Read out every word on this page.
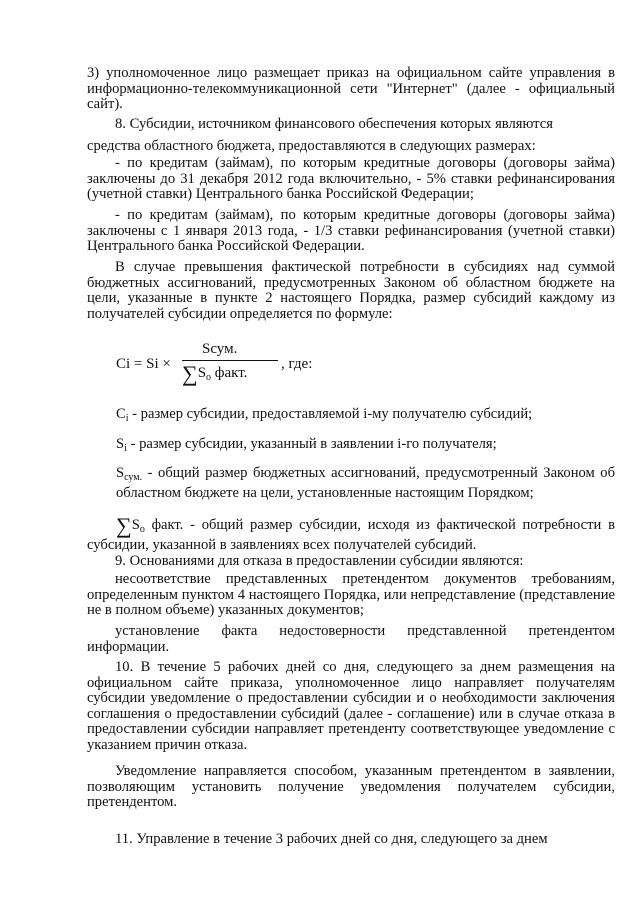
3) уполномоченное лицо размещает приказ на официальном сайте управления в информационно-телекоммуникационной сети "Интернет" (далее - официальный сайт).

8. Субсидии, источником финансового обеспечения которых являются

средства областного бюджета, предоставляются в следующих размерах:

- по кредитам (займам), по которым кредитные договоры (договоры займа) заключены до 31 декабря 2012 года включительно, - 5% ставки рефинансирования (учетной ставки) Центрального банка Российской Федерации;

- по кредитам (займам), по которым кредитные договоры (договоры займа) заключены с 1 января 2013 года, - 1/3 ставки рефинансирования (учетной ставки) Центрального банка Российской Федерации.

В случае превышения фактической потребности в субсидиях над суммой бюджетных ассигнований, предусмотренных Законом об областном бюджете на цели, указанные в пункте 2 настоящего Порядка, размер субсидий каждому из получателей субсидии определяется по формуле:

Ci = Si ×
Sсум.
$\sum S_о$ факт.
, где:

$C_i$ - размер субсидии, предоставляемой i-му получателю субсидий;

$S_i$ - размер субсидии, указанный в заявлении i-го получателя;

$S_{сум.}$ - общий размер бюджетных ассигнований, предусмотренный Законом об областном бюджете на цели, установленные настоящим Порядком;

$\sum S_о$ факт. - общий размер субсидии, исходя из фактической потребности в субсидии, указанной в заявлениях всех получателей субсидий.

9. Основаниями для отказа в предоставлении субсидии являются:

несоответствие представленных претендентом документов требованиям, определенным пунктом 4 настоящего Порядка, или непредставление (представление не в полном объеме) указанных документов;

установление факта недостоверности представленной претендентом информации.

10. В течение 5 рабочих дней со дня, следующего за днем размещения на официальном сайте приказа, уполномоченное лицо направляет получателям субсидии уведомление о предоставлении субсидии и о необходимости заключения соглашения о предоставлении субсидий (далее - соглашение) или в случае отказа в предоставлении субсидии направляет претенденту соответствующее уведомление с указанием причин отказа.

Уведомление направляется способом, указанным претендентом в заявлении, позволяющим установить получение уведомления получателем субсидии, претендентом.

11. Управление в течение 3 рабочих дней со дня, следующего за днем
